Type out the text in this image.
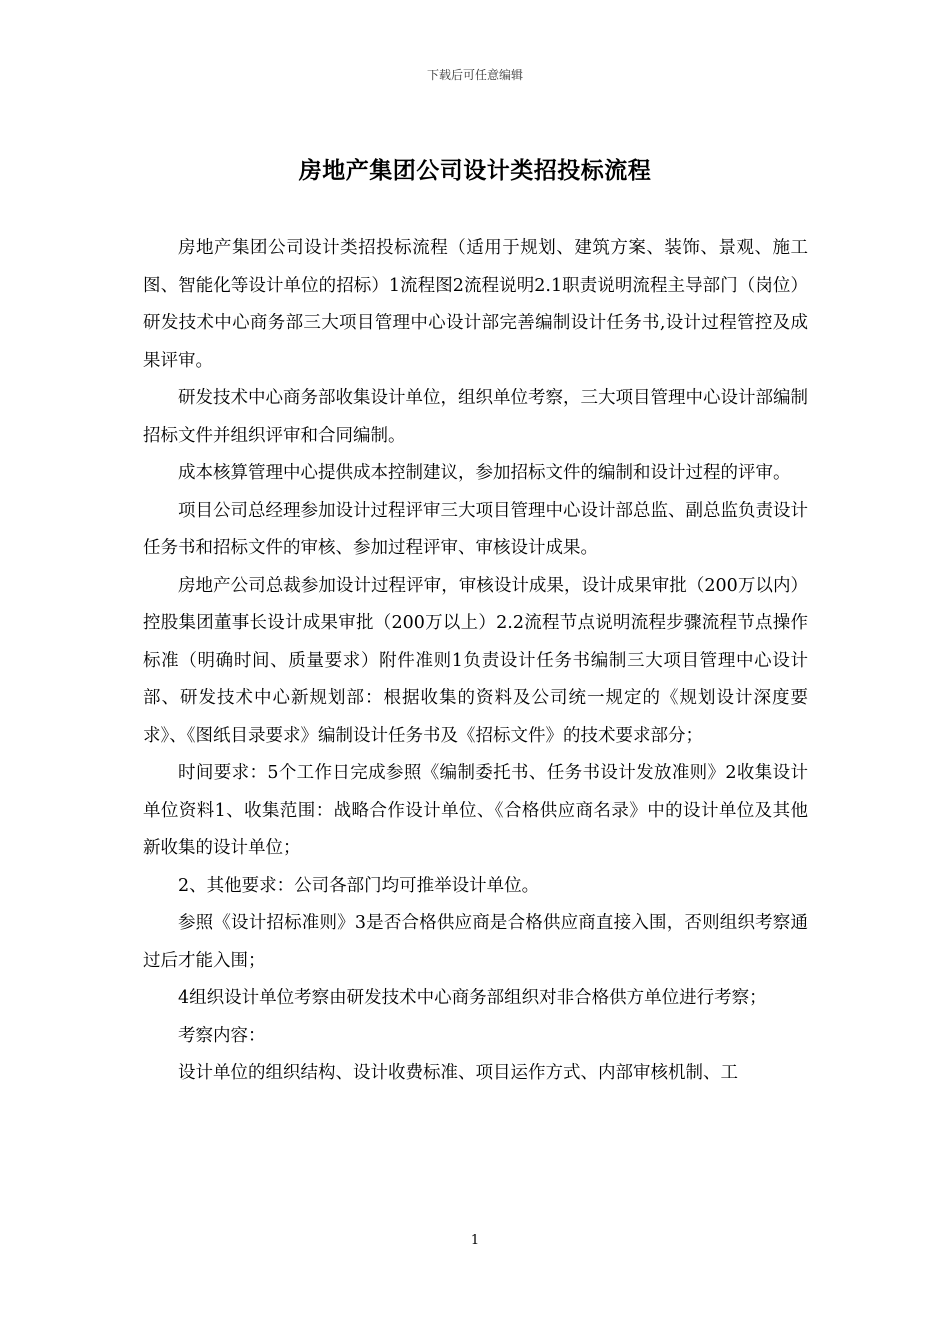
下载后可任意编辑
房地产集团公司设计类招投标流程

房地产集团公司设计类招投标流程（适用于规划、建筑方案、装饰、景观、施工图、智能化等设计单位的招标）1流程图2流程说明2.1职责说明流程主导部门（岗位）研发技术中心商务部三大项目管理中心设计部完善编制设计任务书,设计过程管控及成果评审。

研发技术中心商务部收集设计单位，组织单位考察，三大项目管理中心设计部编制招标文件并组织评审和合同编制。

成本核算管理中心提供成本控制建议，参加招标文件的编制和设计过程的评审。

项目公司总经理参加设计过程评审三大项目管理中心设计部总监、副总监负责设计任务书和招标文件的审核、参加过程评审、审核设计成果。

房地产公司总裁参加设计过程评审，审核设计成果，设计成果审批（200万以内）控股集团董事长设计成果审批（200万以上）2.2流程节点说明流程步骤流程节点操作标准（明确时间、质量要求）附件准则1负责设计任务书编制三大项目管理中心设计部、研发技术中心新规划部：根据收集的资料及公司统一规定的《规划设计深度要求》、《图纸目录要求》编制设计任务书及《招标文件》的技术要求部分；

时间要求：5个工作日完成参照《编制委托书、任务书设计发放准则》2收集设计单位资料1、收集范围：战略合作设计单位、《合格供应商名录》中的设计单位及其他新收集的设计单位；

2、其他要求：公司各部门均可推举设计单位。

参照《设计招标准则》3是否合格供应商是合格供应商直接入围，否则组织考察通过后才能入围；

4组织设计单位考察由研发技术中心商务部组织对非合格供方单位进行考察；

考察内容：

设计单位的组织结构、设计收费标准、项目运作方式、内部审核机制、工

1
